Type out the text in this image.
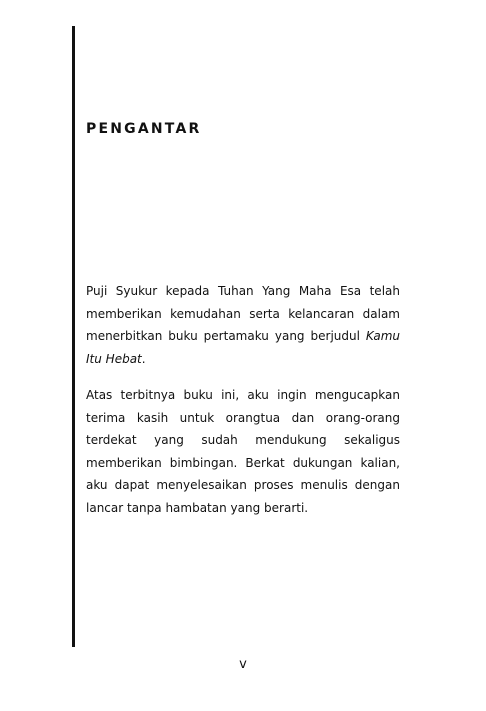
PENGANTAR

Puji Syukur kepada Tuhan Yang Maha Esa telah memberikan kemudahan serta kelancaran dalam menerbitkan buku pertamaku yang berjudul Kamu Itu Hebat.

Atas terbitnya buku ini, aku ingin mengucapkan terima kasih untuk orangtua dan orang-orang terdekat yang sudah mendukung sekaligus memberikan bimbingan. Berkat dukungan kalian, aku dapat menyelesaikan proses menulis dengan lancar tanpa hambatan yang berarti.

v
